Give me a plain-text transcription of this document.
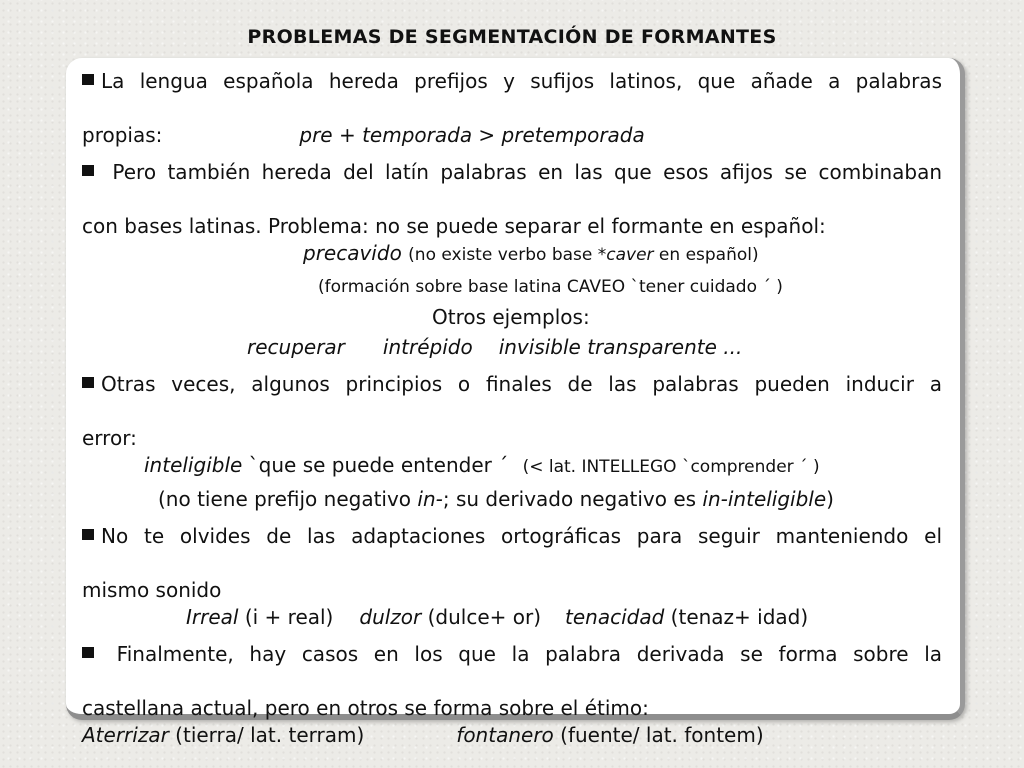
PROBLEMAS DE SEGMENTACIÓN DE FORMANTES
La lengua española hereda prefijos y sufijos latinos, que añade a palabras
propias:	pre + temporada > pretemporada
Pero también hereda del latín palabras en las que esos afijos se combinaban
con bases latinas. Problema: no se puede separar el formante en español:
precavido (no existe verbo base *caver en español)
(formación sobre base latina CAVEO `tener cuidado ´ )
Otros ejemplos:
recuperar intrépido invisible transparente ...
Otras veces, algunos principios o finales de las palabras pueden inducir a
error:
inteligible `que se puede entender ´ (< lat. INTELLEGO `comprender ´ )
(no tiene prefijo negativo in-; su derivado negativo es in-inteligible)
No te olvides de las adaptaciones ortográficas para seguir manteniendo el
mismo sonido
Irreal (i + real) dulzor (dulce+ or) tenacidad (tenaz+ idad)
Finalmente, hay casos en los que la palabra derivada se forma sobre la
castellana actual, pero en otros se forma sobre el étimo:
Aterrizar (tierra/ lat. terram)	fontanero (fuente/ lat. fontem)
